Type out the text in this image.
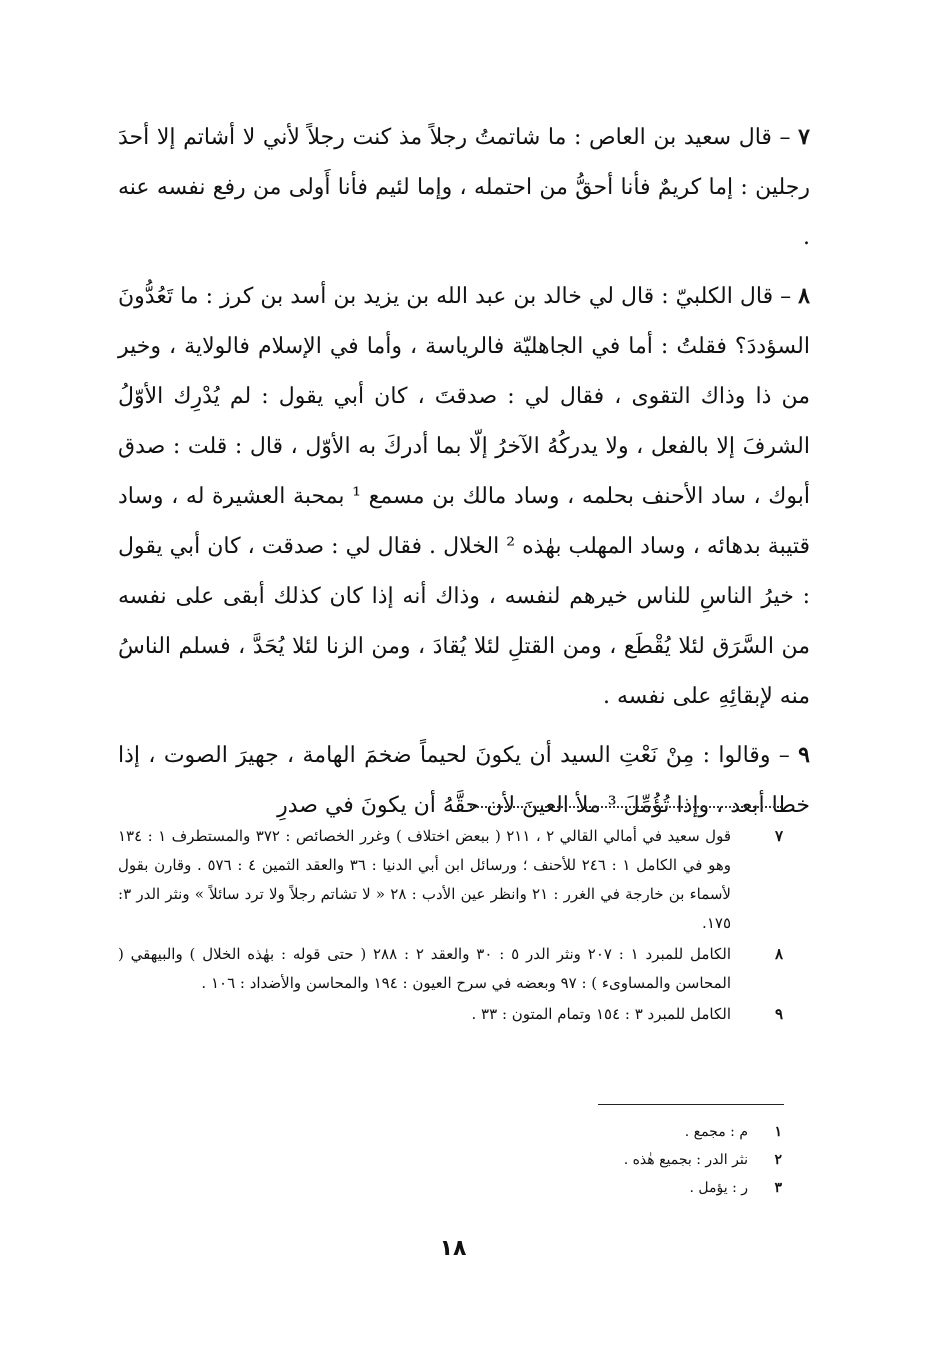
٧ – قال سعيد بن العاص : ما شاتمتُ رجلاً مذ كنت رجلاً لأني لا أشاتم إلا أحدَ رجلين : إما كريمٌ فأنا أحقُّ من احتمله ، وإما لئيم فأنا أَولى من رفع نفسه عنه .

٨ – قال الكلبيّ : قال لي خالد بن عبد الله بن يزيد بن أسد بن كرز : ما تَعُدُّونَ السؤددَ؟ فقلتُ : أما في الجاهليّة فالرياسة ، وأما في الإسلام فالولاية ، وخير من ذا وذاك التقوى ، فقال لي : صدقتَ ، كان أبي يقول : لم يُدْرِك الأوّلُ الشرفَ إلا بالفعل ، ولا يدركُهُ الآخرُ إلّا بما أدركَ به الأوّل ، قال : قلت : صدق أبوك ، ساد الأحنف بحلمه ، وساد مالك بن مسمع ¹ بمحبة العشيرة له ، وساد قتيبة بدهائه ، وساد المهلب بهٰذه ² الخلال . فقال لي : صدقت ، كان أبي يقول : خيرُ الناسِ للناس خيرهم لنفسه ، وذاك أنه إذا كان كذلك أبقى على نفسه من السَّرَق لئلا يُقْطَع ، ومن القتلِ لئلا يُقادَ ، ومن الزنا لئلا يُحَدَّ ، فسلم الناسُ منه لإبقائِهِ على نفسه .

٩ – وقالوا : مِنْ نَعْتِ السيد أن يكونَ لحيماً ضخمَ الهامة ، جهيرَ الصوت ، إذا خطا أبعد ، وإذا تُؤُمِّلَ ³ ملأ العينَ لأن حقَّهُ أن يكونَ في صدرِ

٧
قول سعيد في أمالي القالي ٢ ، ٢١١ ( ببعض اختلاف ) وغرر الخصائص : ٣٧٢ والمستطرف ١ : ١٣٤ وهو في الكامل ١ : ٢٤٦ للأحنف ؛ ورسائل ابن أبي الدنيا : ٣٦ والعقد الثمين ٤ : ٥٧٦ . وقارن بقول لأسماء بن خارجة في الغرر : ٢١ وانظر عين الأدب : ٢٨ « لا تشاتم رجلاً ولا ترد سائلاً » ونثر الدر ٣: ١٧٥.
٨
الكامل للمبرد ١ : ٢٠٧ ونثر الدر ٥ : ٣٠ والعقد ٢ : ٢٨٨ ( حتى قوله : بهٰذه الخلال ) والبيهقي ( المحاسن والمساوىء ) : ٩٧ وبعضه في سرح العيون : ١٩٤ والمحاسن والأضداد : ١٠٦ .
٩
الكامل للمبرد ٣ : ١٥٤ وتمام المتون : ٣٣ .
١
م : مجمع .
٢
نثر الدر : بجميع هٰذه .
٣
ر : يؤمل .
١٨
